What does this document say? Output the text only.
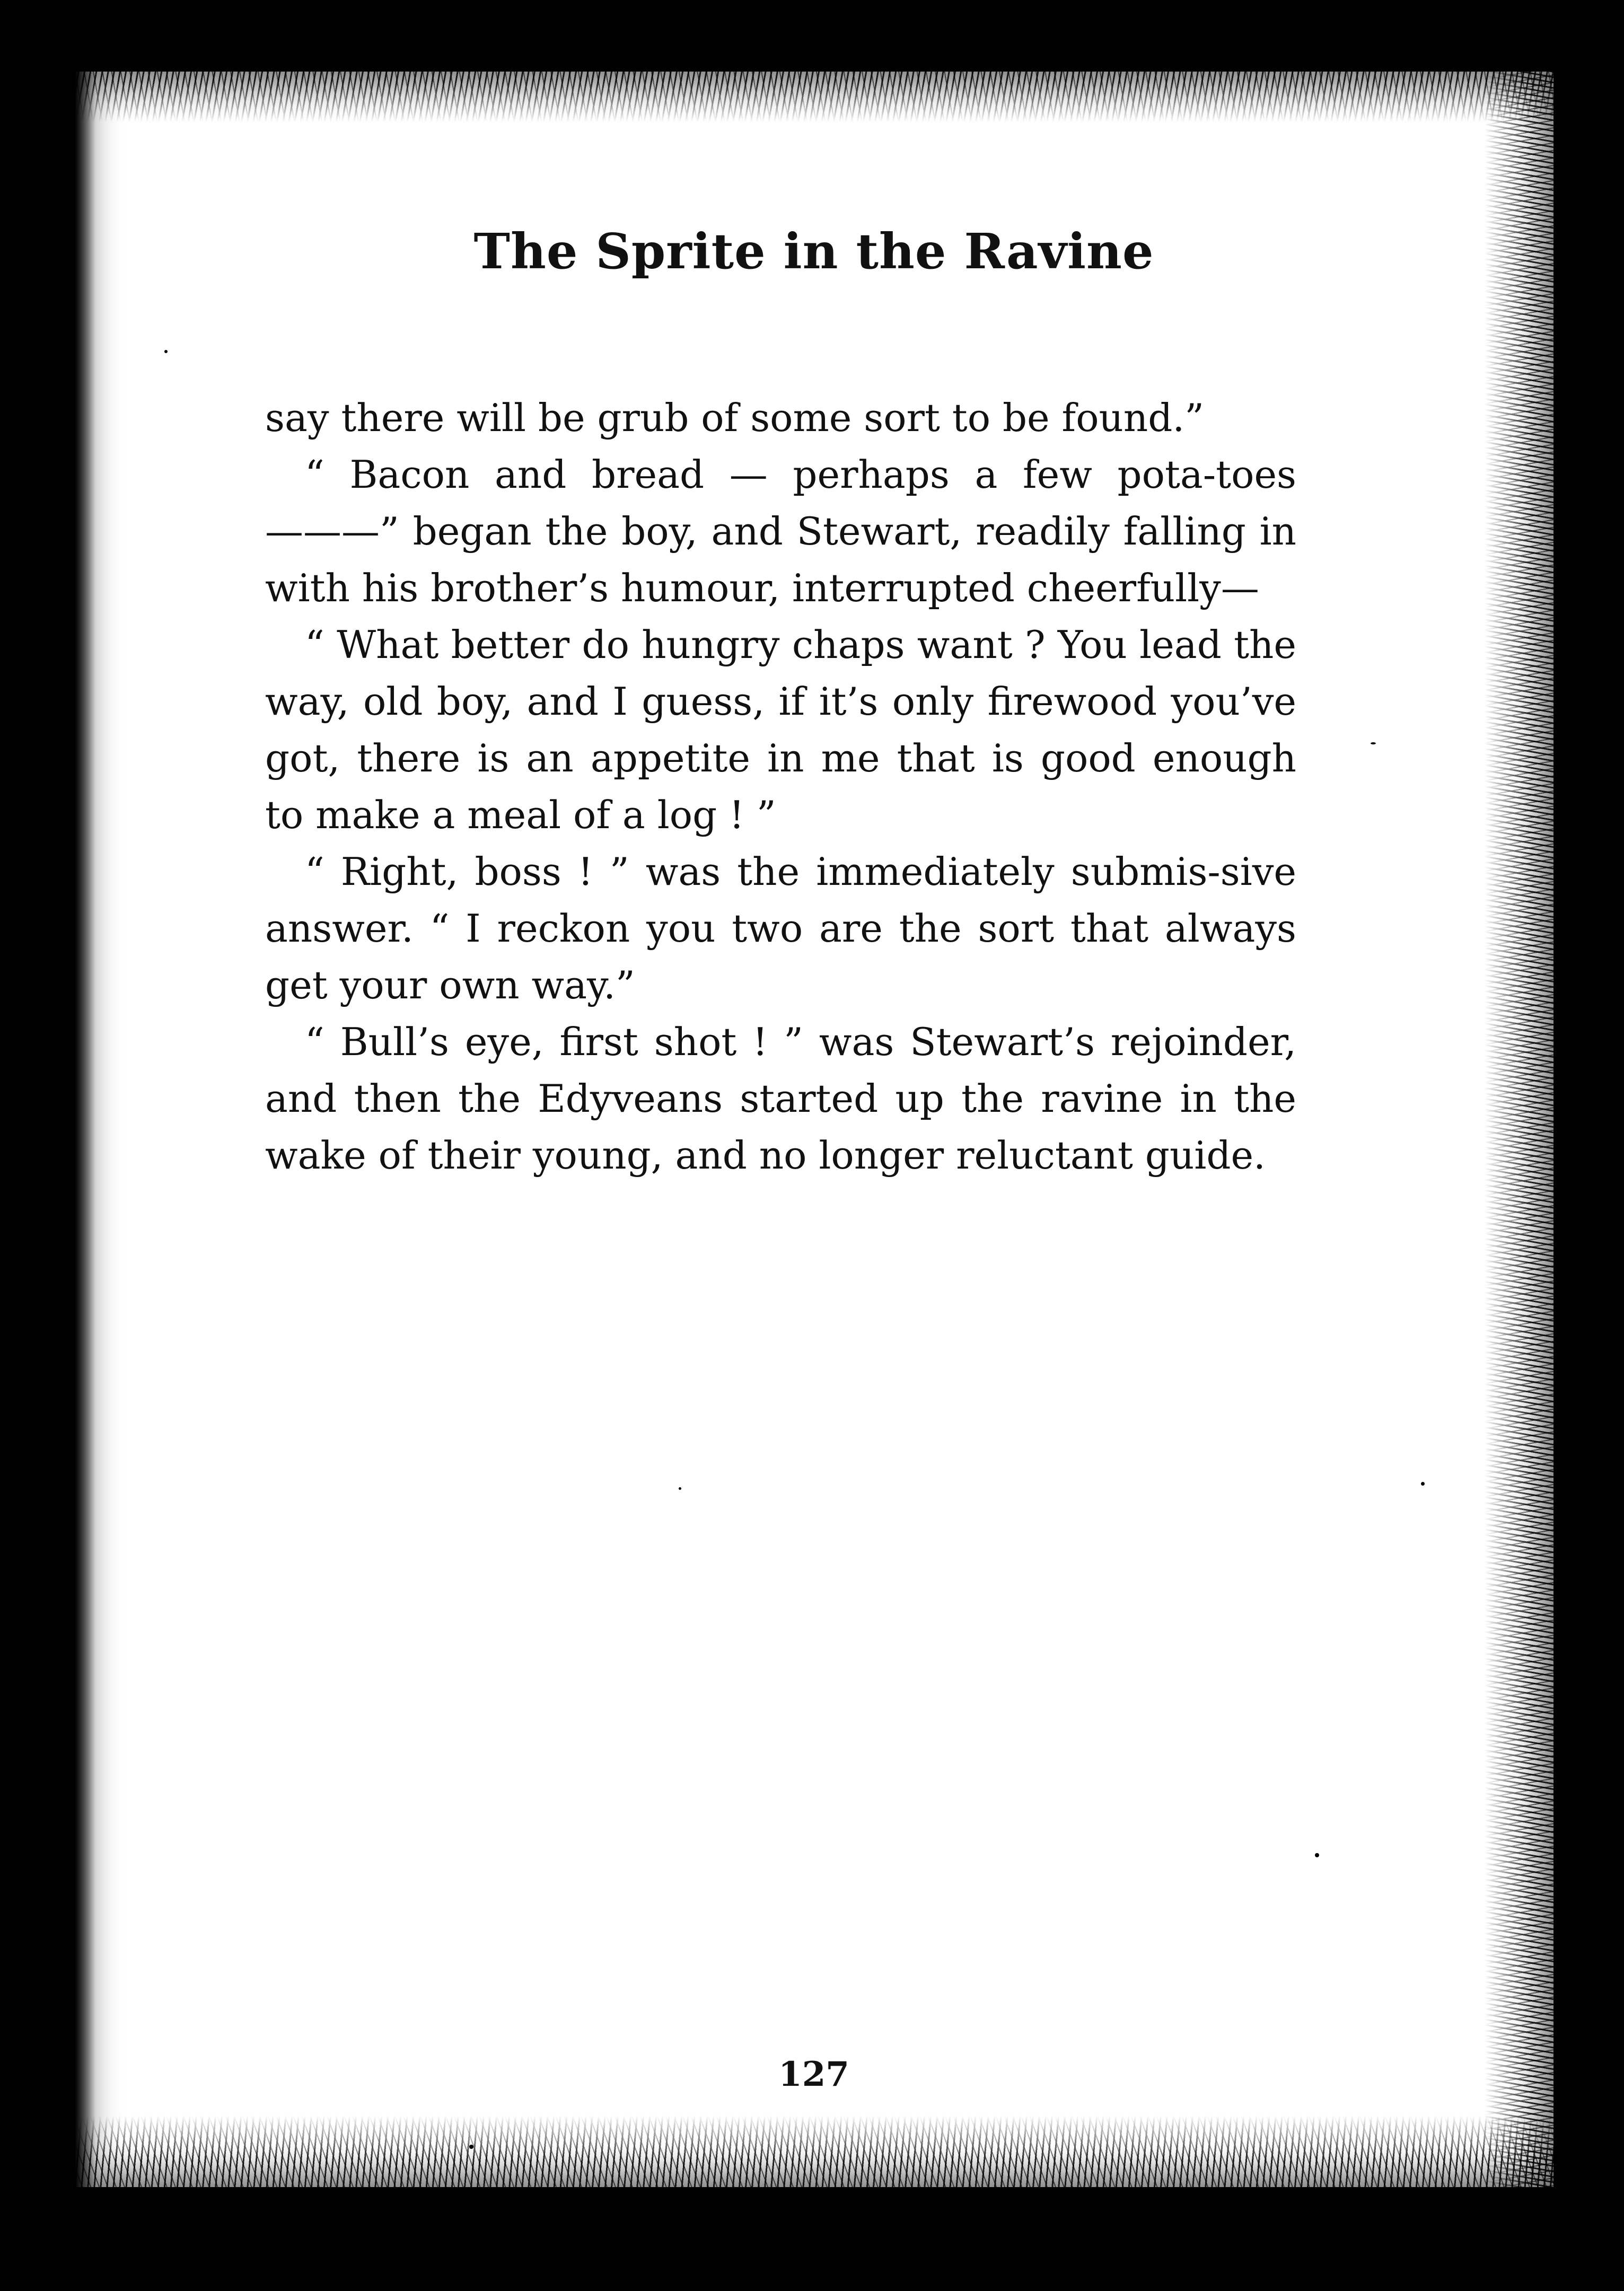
The Sprite in the Ravine

say there will be grub of some sort to be found.”

“ Bacon and bread — perhaps a few pota-toes———” began the boy, and Stewart, readily falling in with his brother’s humour, interrupted cheerfully—

“ What better do hungry chaps want ? You lead the way, old boy, and I guess, if it’s only firewood you’ve got, there is an appetite in me that is good enough to make a meal of a log ! ”

“ Right, boss ! ” was the immediately submis-sive answer. “ I reckon you two are the sort that always get your own way.”

“ Bull’s eye, first shot ! ” was Stewart’s rejoinder, and then the Edyveans started up the ravine in the wake of their young, and no longer reluctant guide.

127
